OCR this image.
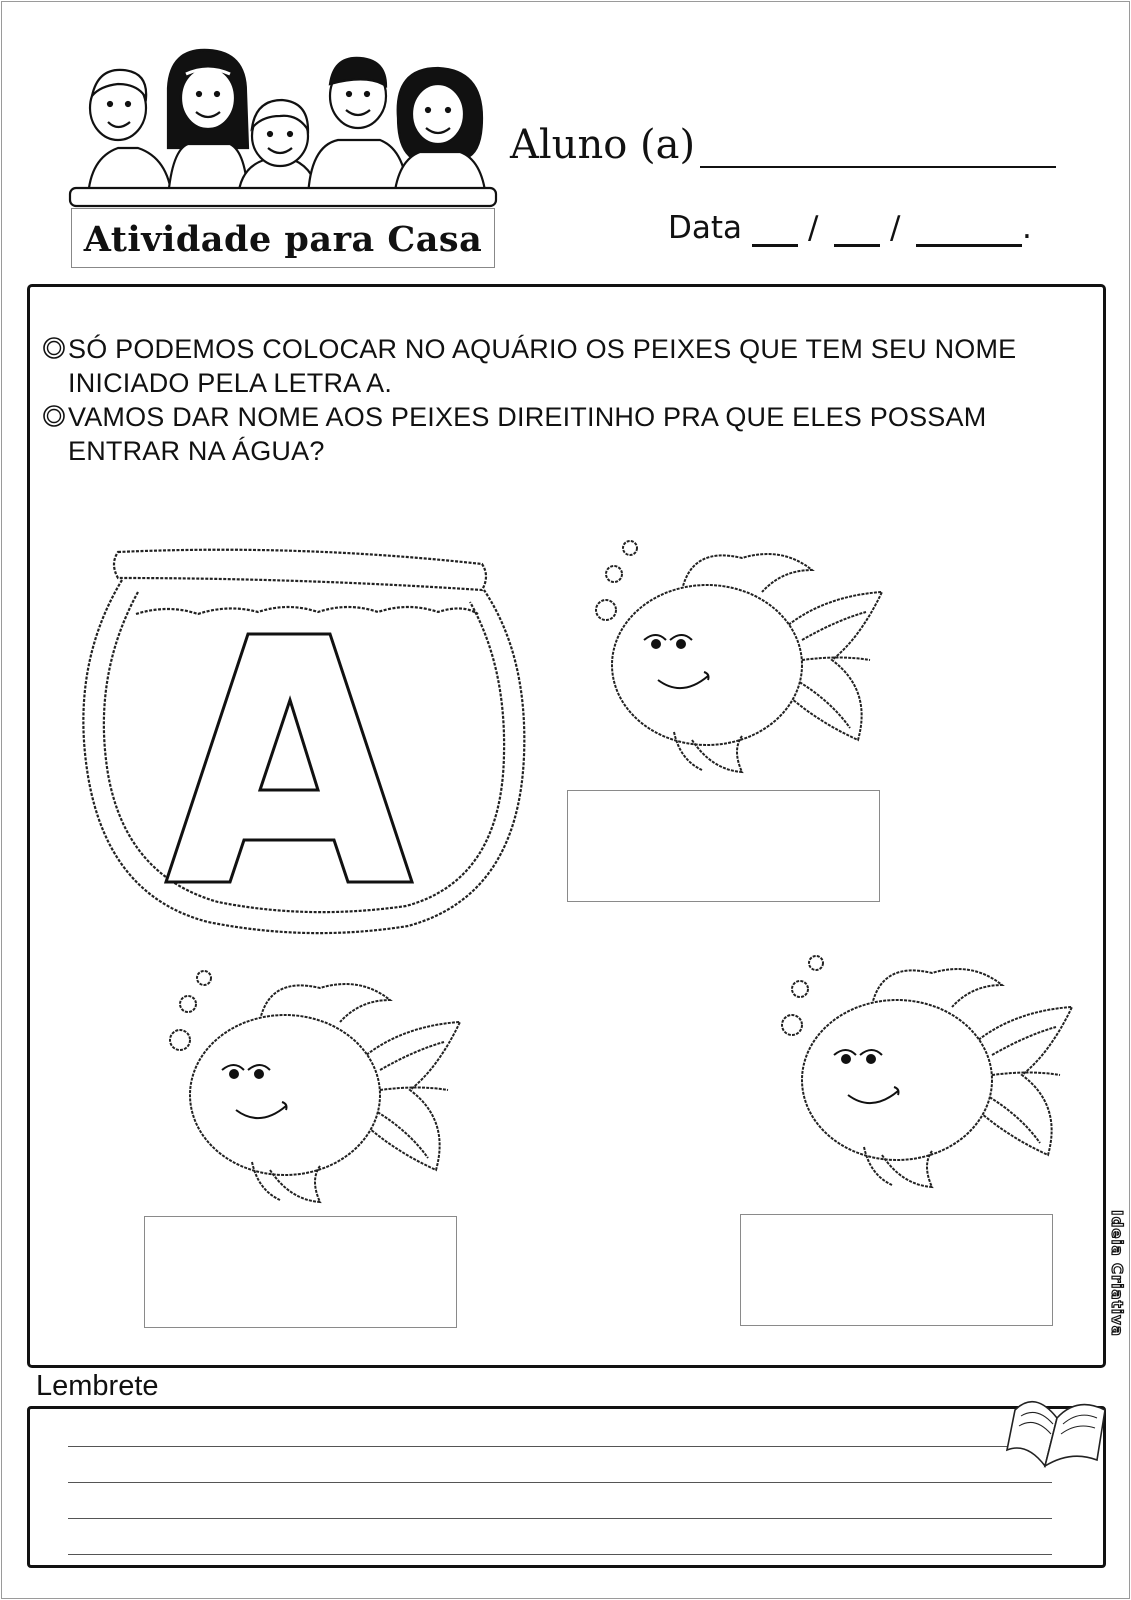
Atividade para Casa
Aluno (a)
Data / /	.
SÓ PODEMOS COLOCAR NO AQUÁRIO OS PEIXES QUE TEM SEU NOME INICIADO PELA LETRA A.
VAMOS DAR NOME AOS PEIXES DIREITINHO PRA QUE ELES POSSAM ENTRAR NA ÁGUA?
A
Ideia Criativa
Lembrete
